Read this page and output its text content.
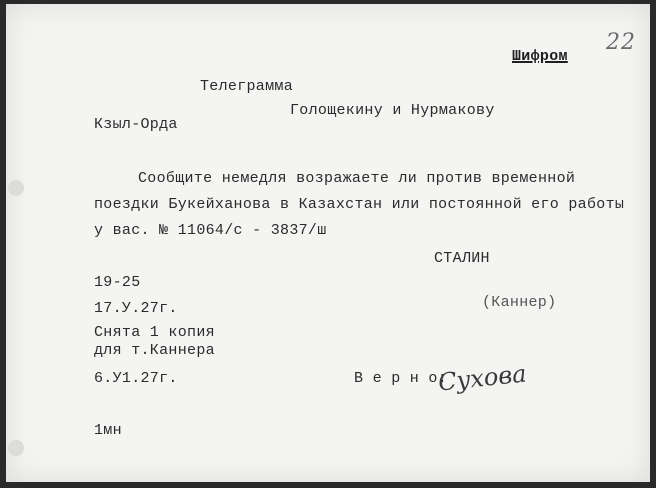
22
Шифром
Телеграмма
Голощекину и Нурмакову
Кзыл-Орда
Сообщите немедля возражаете ли против временной
поездки Букейханова в Казахстан или постоянной его работы
у вас. № 11064/с - 3837/ш
СТАЛИН
19-25
17.У.27г.	(Каннер)
Снята 1 копия
для т.Каннера
6.У1.27г.	В е р н о:
Сухова
1мн
